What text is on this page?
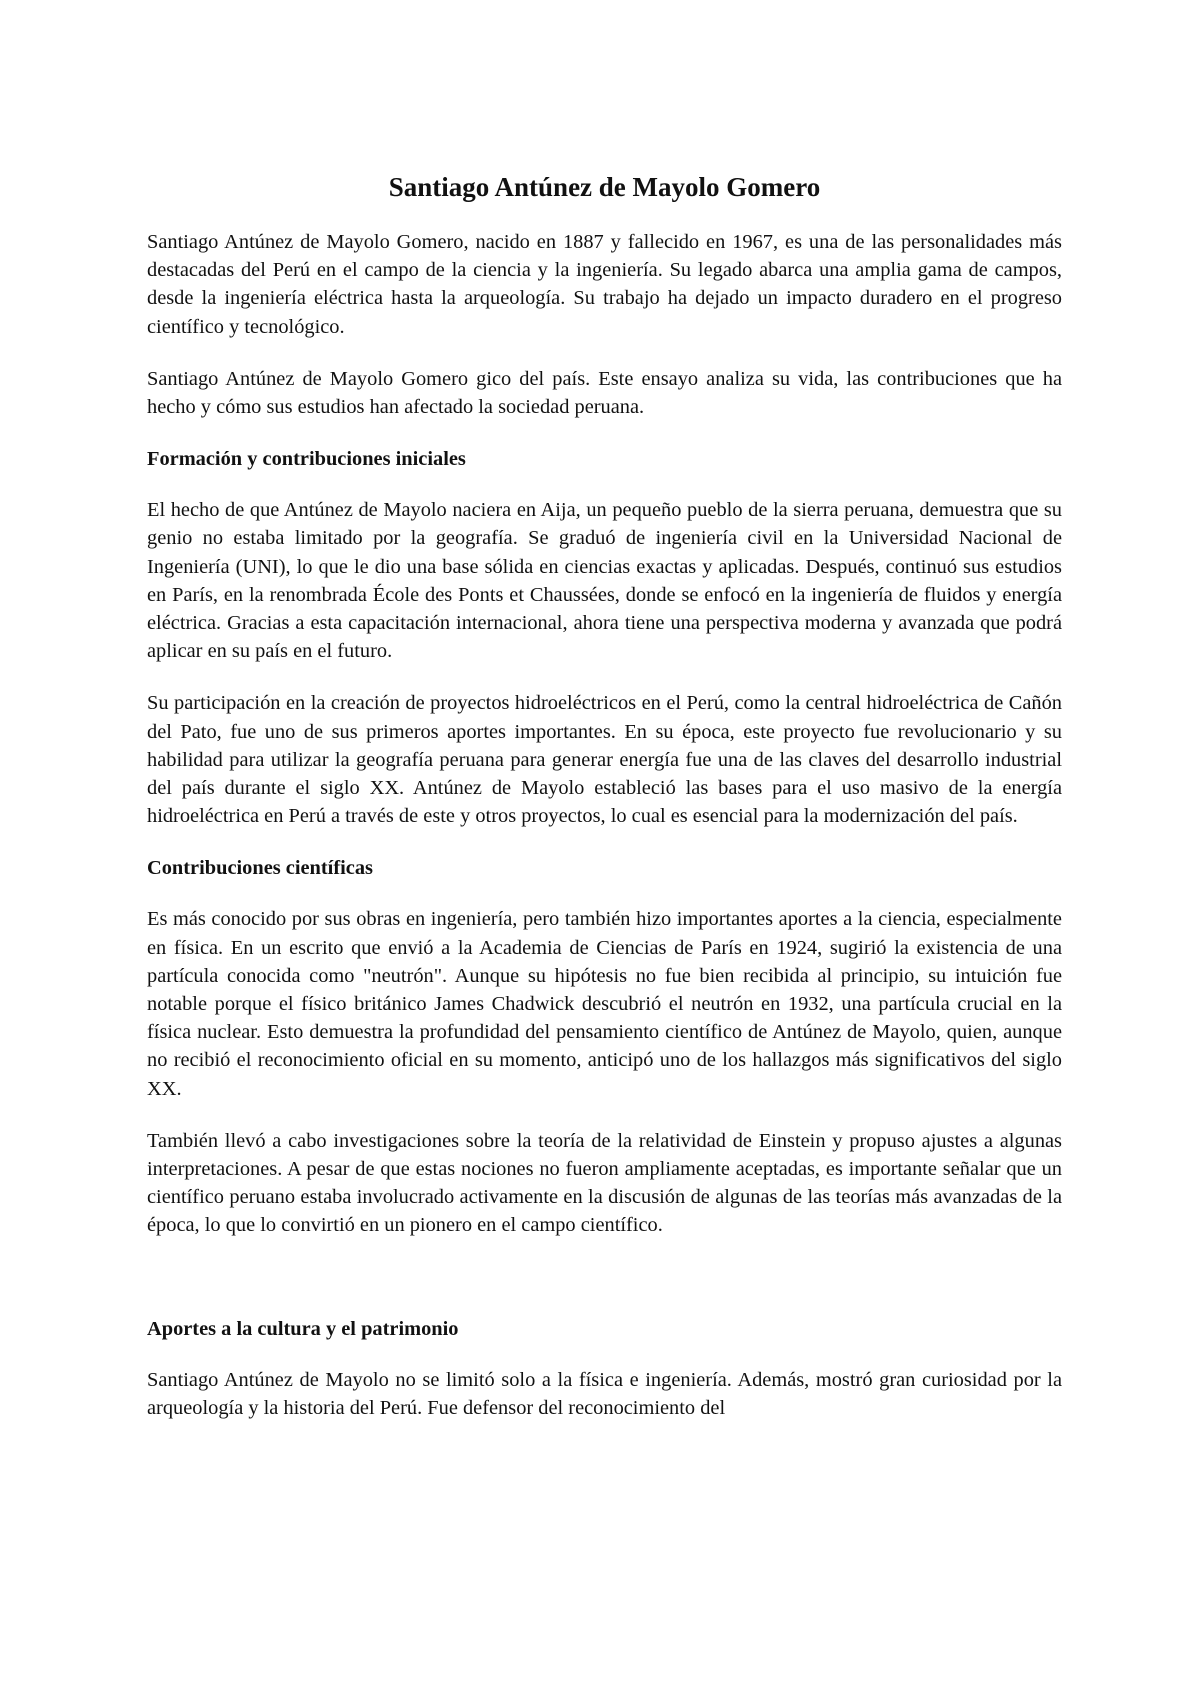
Santiago Antúnez de Mayolo Gomero

Santiago Antúnez de Mayolo Gomero, nacido en 1887 y fallecido en 1967, es una de las personalidades más destacadas del Perú en el campo de la ciencia y la ingeniería. Su legado abarca una amplia gama de campos, desde la ingeniería eléctrica hasta la arqueología. Su trabajo ha dejado un impacto duradero en el progreso científico y tecnológico.

Santiago Antúnez de Mayolo Gomero gico del país. Este ensayo analiza su vida, las contribuciones que ha hecho y cómo sus estudios han afectado la sociedad peruana.

Formación y contribuciones iniciales

El hecho de que Antúnez de Mayolo naciera en Aija, un pequeño pueblo de la sierra peruana, demuestra que su genio no estaba limitado por la geografía. Se graduó de ingeniería civil en la Universidad Nacional de Ingeniería (UNI), lo que le dio una base sólida en ciencias exactas y aplicadas. Después, continuó sus estudios en París, en la renombrada École des Ponts et Chaussées, donde se enfocó en la ingeniería de fluidos y energía eléctrica. Gracias a esta capacitación internacional, ahora tiene una perspectiva moderna y avanzada que podrá aplicar en su país en el futuro.

Su participación en la creación de proyectos hidroeléctricos en el Perú, como la central hidroeléctrica de Cañón del Pato, fue uno de sus primeros aportes importantes. En su época, este proyecto fue revolucionario y su habilidad para utilizar la geografía peruana para generar energía fue una de las claves del desarrollo industrial del país durante el siglo XX. Antúnez de Mayolo estableció las bases para el uso masivo de la energía hidroeléctrica en Perú a través de este y otros proyectos, lo cual es esencial para la modernización del país.

Contribuciones científicas

Es más conocido por sus obras en ingeniería, pero también hizo importantes aportes a la ciencia, especialmente en física. En un escrito que envió a la Academia de Ciencias de París en 1924, sugirió la existencia de una partícula conocida como "neutrón". Aunque su hipótesis no fue bien recibida al principio, su intuición fue notable porque el físico británico James Chadwick descubrió el neutrón en 1932, una partícula crucial en la física nuclear. Esto demuestra la profundidad del pensamiento científico de Antúnez de Mayolo, quien, aunque no recibió el reconocimiento oficial en su momento, anticipó uno de los hallazgos más significativos del siglo XX.

También llevó a cabo investigaciones sobre la teoría de la relatividad de Einstein y propuso ajustes a algunas interpretaciones. A pesar de que estas nociones no fueron ampliamente aceptadas, es importante señalar que un científico peruano estaba involucrado activamente en la discusión de algunas de las teorías más avanzadas de la época, lo que lo convirtió en un pionero en el campo científico.

Aportes a la cultura y el patrimonio

Santiago Antúnez de Mayolo no se limitó solo a la física e ingeniería. Además, mostró gran curiosidad por la arqueología y la historia del Perú. Fue defensor del reconocimiento del
